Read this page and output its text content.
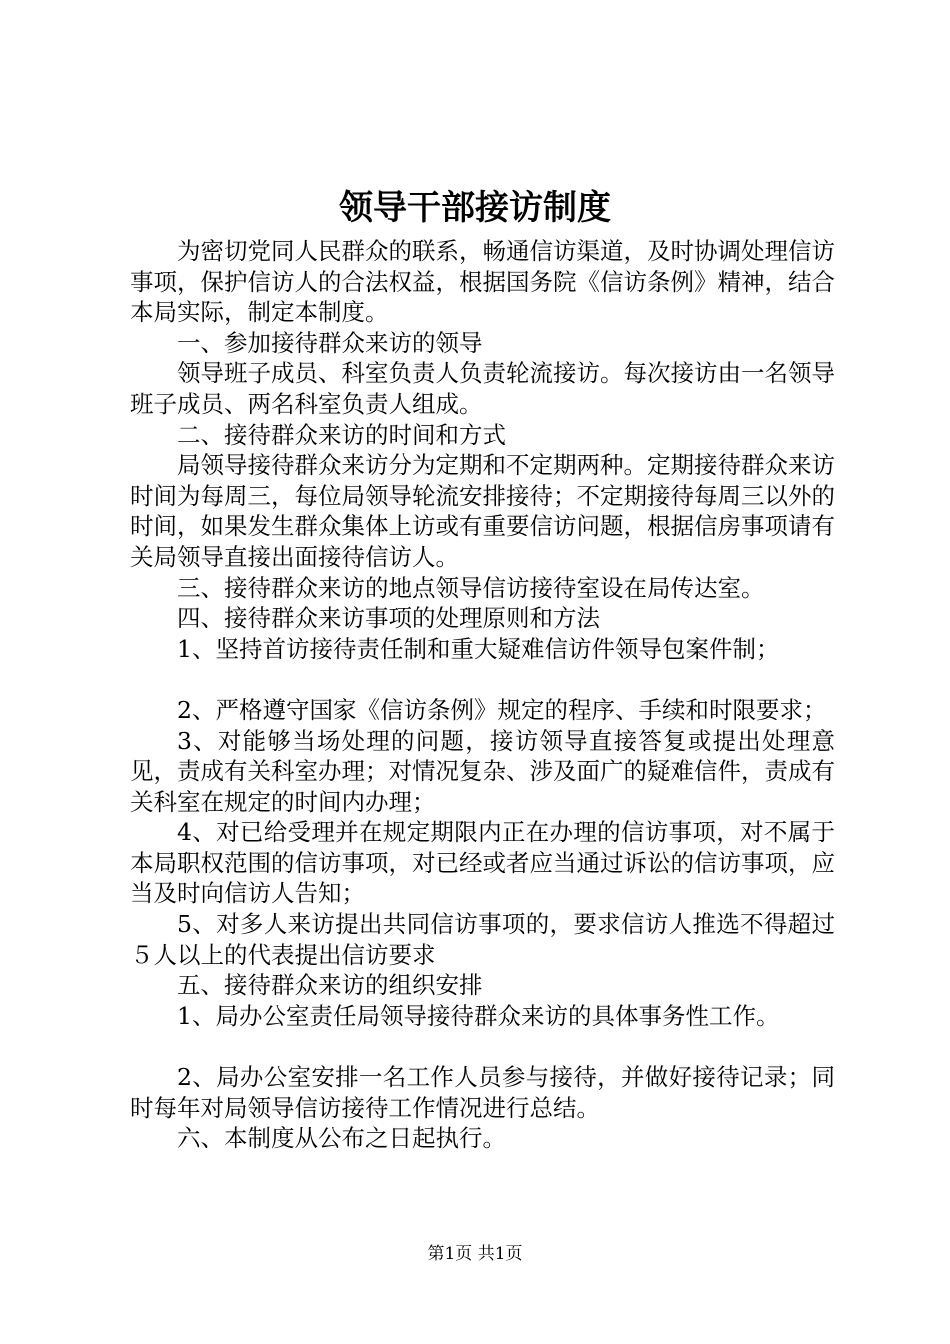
领导干部接访制度

为密切党同人民群众的联系，畅通信访渠道，及时协调处理信访事项，保护信访人的合法权益，根据国务院《信访条例》精神，结合本局实际，制定本制度。

一、参加接待群众来访的领导

领导班子成员、科室负责人负责轮流接访。每次接访由一名领导班子成员、两名科室负责人组成。

二、接待群众来访的时间和方式

局领导接待群众来访分为定期和不定期两种。定期接待群众来访时间为每周三，每位局领导轮流安排接待；不定期接待每周三以外的时间，如果发生群众集体上访或有重要信访问题，根据信房事项请有关局领导直接出面接待信访人。

三、接待群众来访的地点领导信访接待室设在局传达室。

四、接待群众来访事项的处理原则和方法

1、坚持首访接待责任制和重大疑难信访件领导包案件制；

2、严格遵守国家《信访条例》规定的程序、手续和时限要求；

3、对能够当场处理的问题，接访领导直接答复或提出处理意见，责成有关科室办理；对情况复杂、涉及面广的疑难信件，责成有关科室在规定的时间内办理；

4、对已给受理并在规定期限内正在办理的信访事项，对不属于本局职权范围的信访事项，对已经或者应当通过诉讼的信访事项，应当及时向信访人告知；

5、对多人来访提出共同信访事项的，要求信访人推选不得超过５人以上的代表提出信访要求

五、接待群众来访的组织安排

1、局办公室责任局领导接待群众来访的具体事务性工作。

2、局办公室安排一名工作人员参与接待，并做好接待记录；同时每年对局领导信访接待工作情况进行总结。

六、本制度从公布之日起执行。

第1页 共1页
